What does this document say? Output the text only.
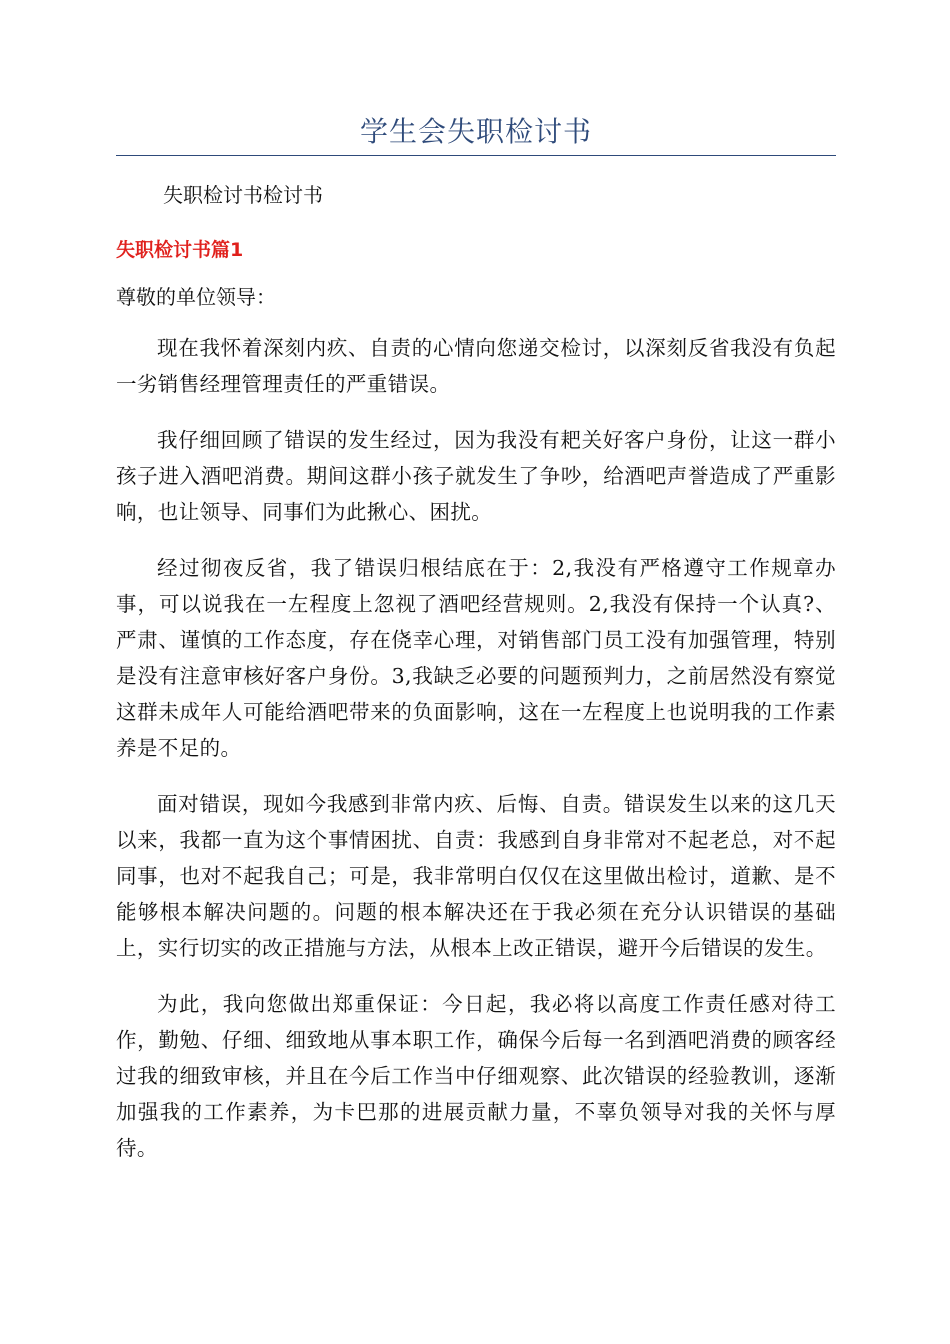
学生会失职检讨书

失职检讨书检讨书

失职检讨书篇1

尊敬的单位领导：

现在我怀着深刻内疚、自责的心情向您递交检讨，以深刻反省我没有负起一劣销售经理管理责任的严重错误。

我仔细回顾了错误的发生经过，因为我没有耙关好客户身份，让这一群小孩子进入酒吧消费。期间这群小孩子就发生了争吵，给酒吧声誉造成了严重影响，也让领导、同事们为此揪心、困扰。

经过彻夜反省，我了错误归根结底在于：2,我没有严格遵守工作规章办事，可以说我在一左程度上忽视了酒吧经营规则。2,我没有保持一个认真?、严肃、谨慎的工作态度，存在侥幸心理，对销售部门员工没有加强管理，特别是没有注意审核好客户身份。3,我缺乏必要的问题预判力，之前居然没有察觉这群未成年人可能给酒吧带来的负面影响，这在一左程度上也说明我的工作素养是不足的。

面对错误，现如今我感到非常内疚、后悔、自责。错误发生以来的这几天以来，我都一直为这个事情困扰、自责：我感到自身非常对不起老总，对不起同事，也对不起我自己；可是，我非常明白仅仅在这里做出检讨，道歉、是不能够根本解决问题的。问题的根本解决还在于我必须在充分认识错误的基础上，实行切实的改正措施与方法，从根本上改正错误，避开今后错误的发生。

为此，我向您做出郑重保证：今日起，我必将以高度工作责任感对待工作，勤勉、仔细、细致地从事本职工作，确保今后每一名到酒吧消费的顾客经过我的细致审核，并且在今后工作当中仔细观察、此次错误的经验教训，逐渐加强我的工作素养，为卡巴那的进展贡献力量，不辜负领导对我的关怀与厚待。
